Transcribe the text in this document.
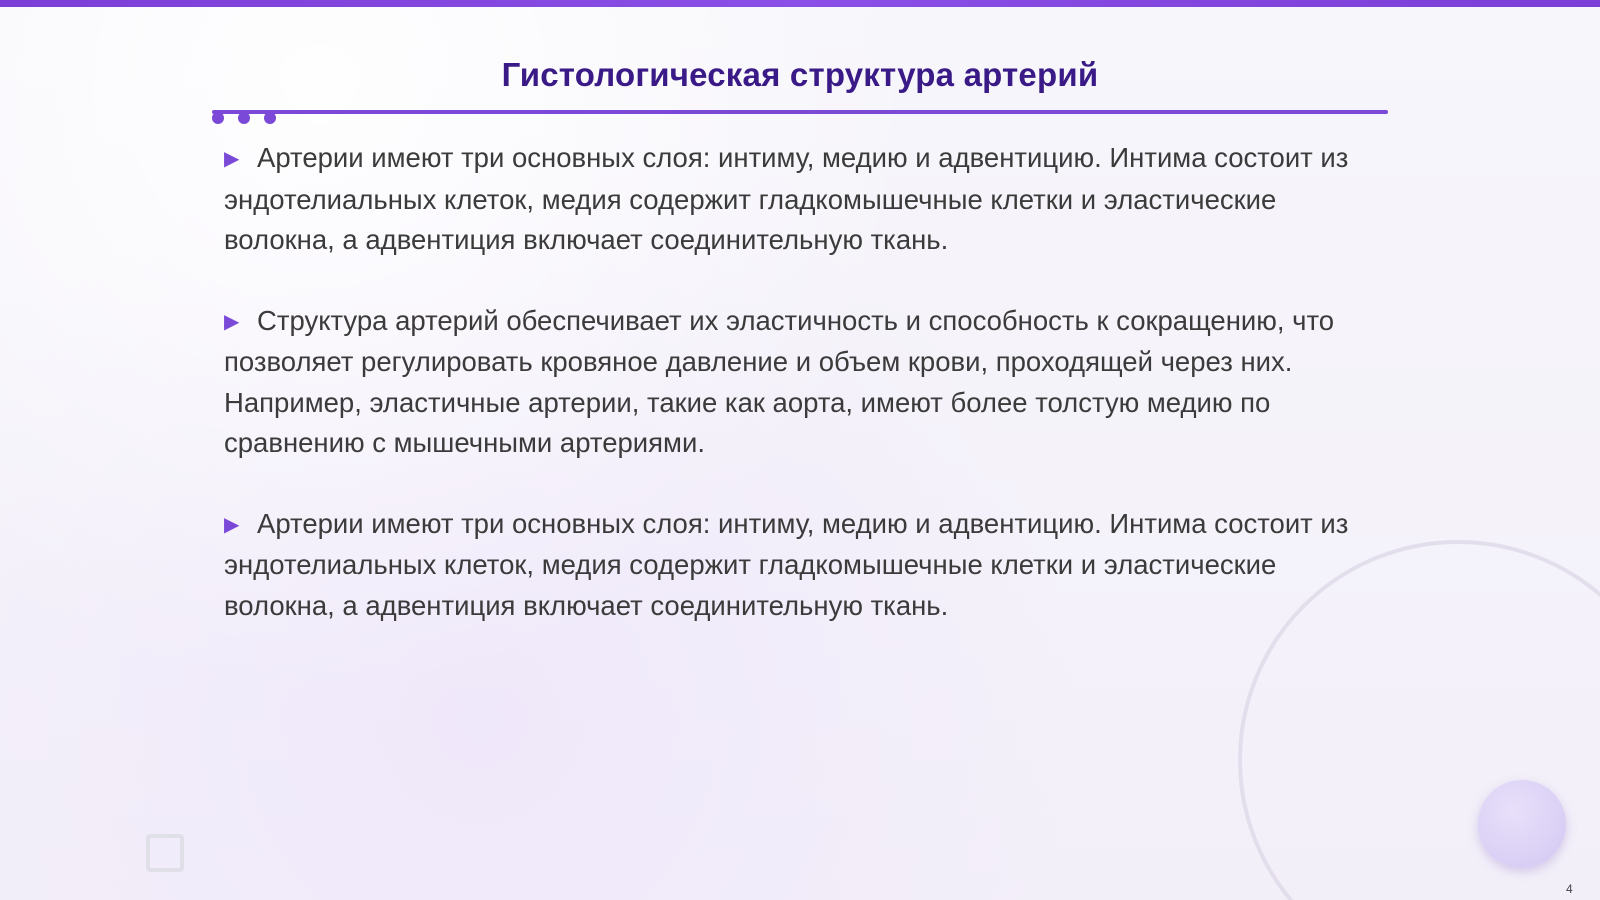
Гистологическая структура артерий
▶ Артерии имеют три основных слоя: интиму, медию и адвентицию. Интима состоит из эндотелиальных клеток, медия содержит гладкомышечные клетки и эластические волокна, а адвентиция включает соединительную ткань.
▶ Структура артерий обеспечивает их эластичность и способность к сокращению, что позволяет регулировать кровяное давление и объем крови, проходящей через них. Например, эластичные артерии, такие как аорта, имеют более толстую медию по сравнению с мышечными артериями.
▶ Артерии имеют три основных слоя: интиму, медию и адвентицию. Интима состоит из эндотелиальных клеток, медия содержит гладкомышечные клетки и эластические волокна, а адвентиция включает соединительную ткань.
4
